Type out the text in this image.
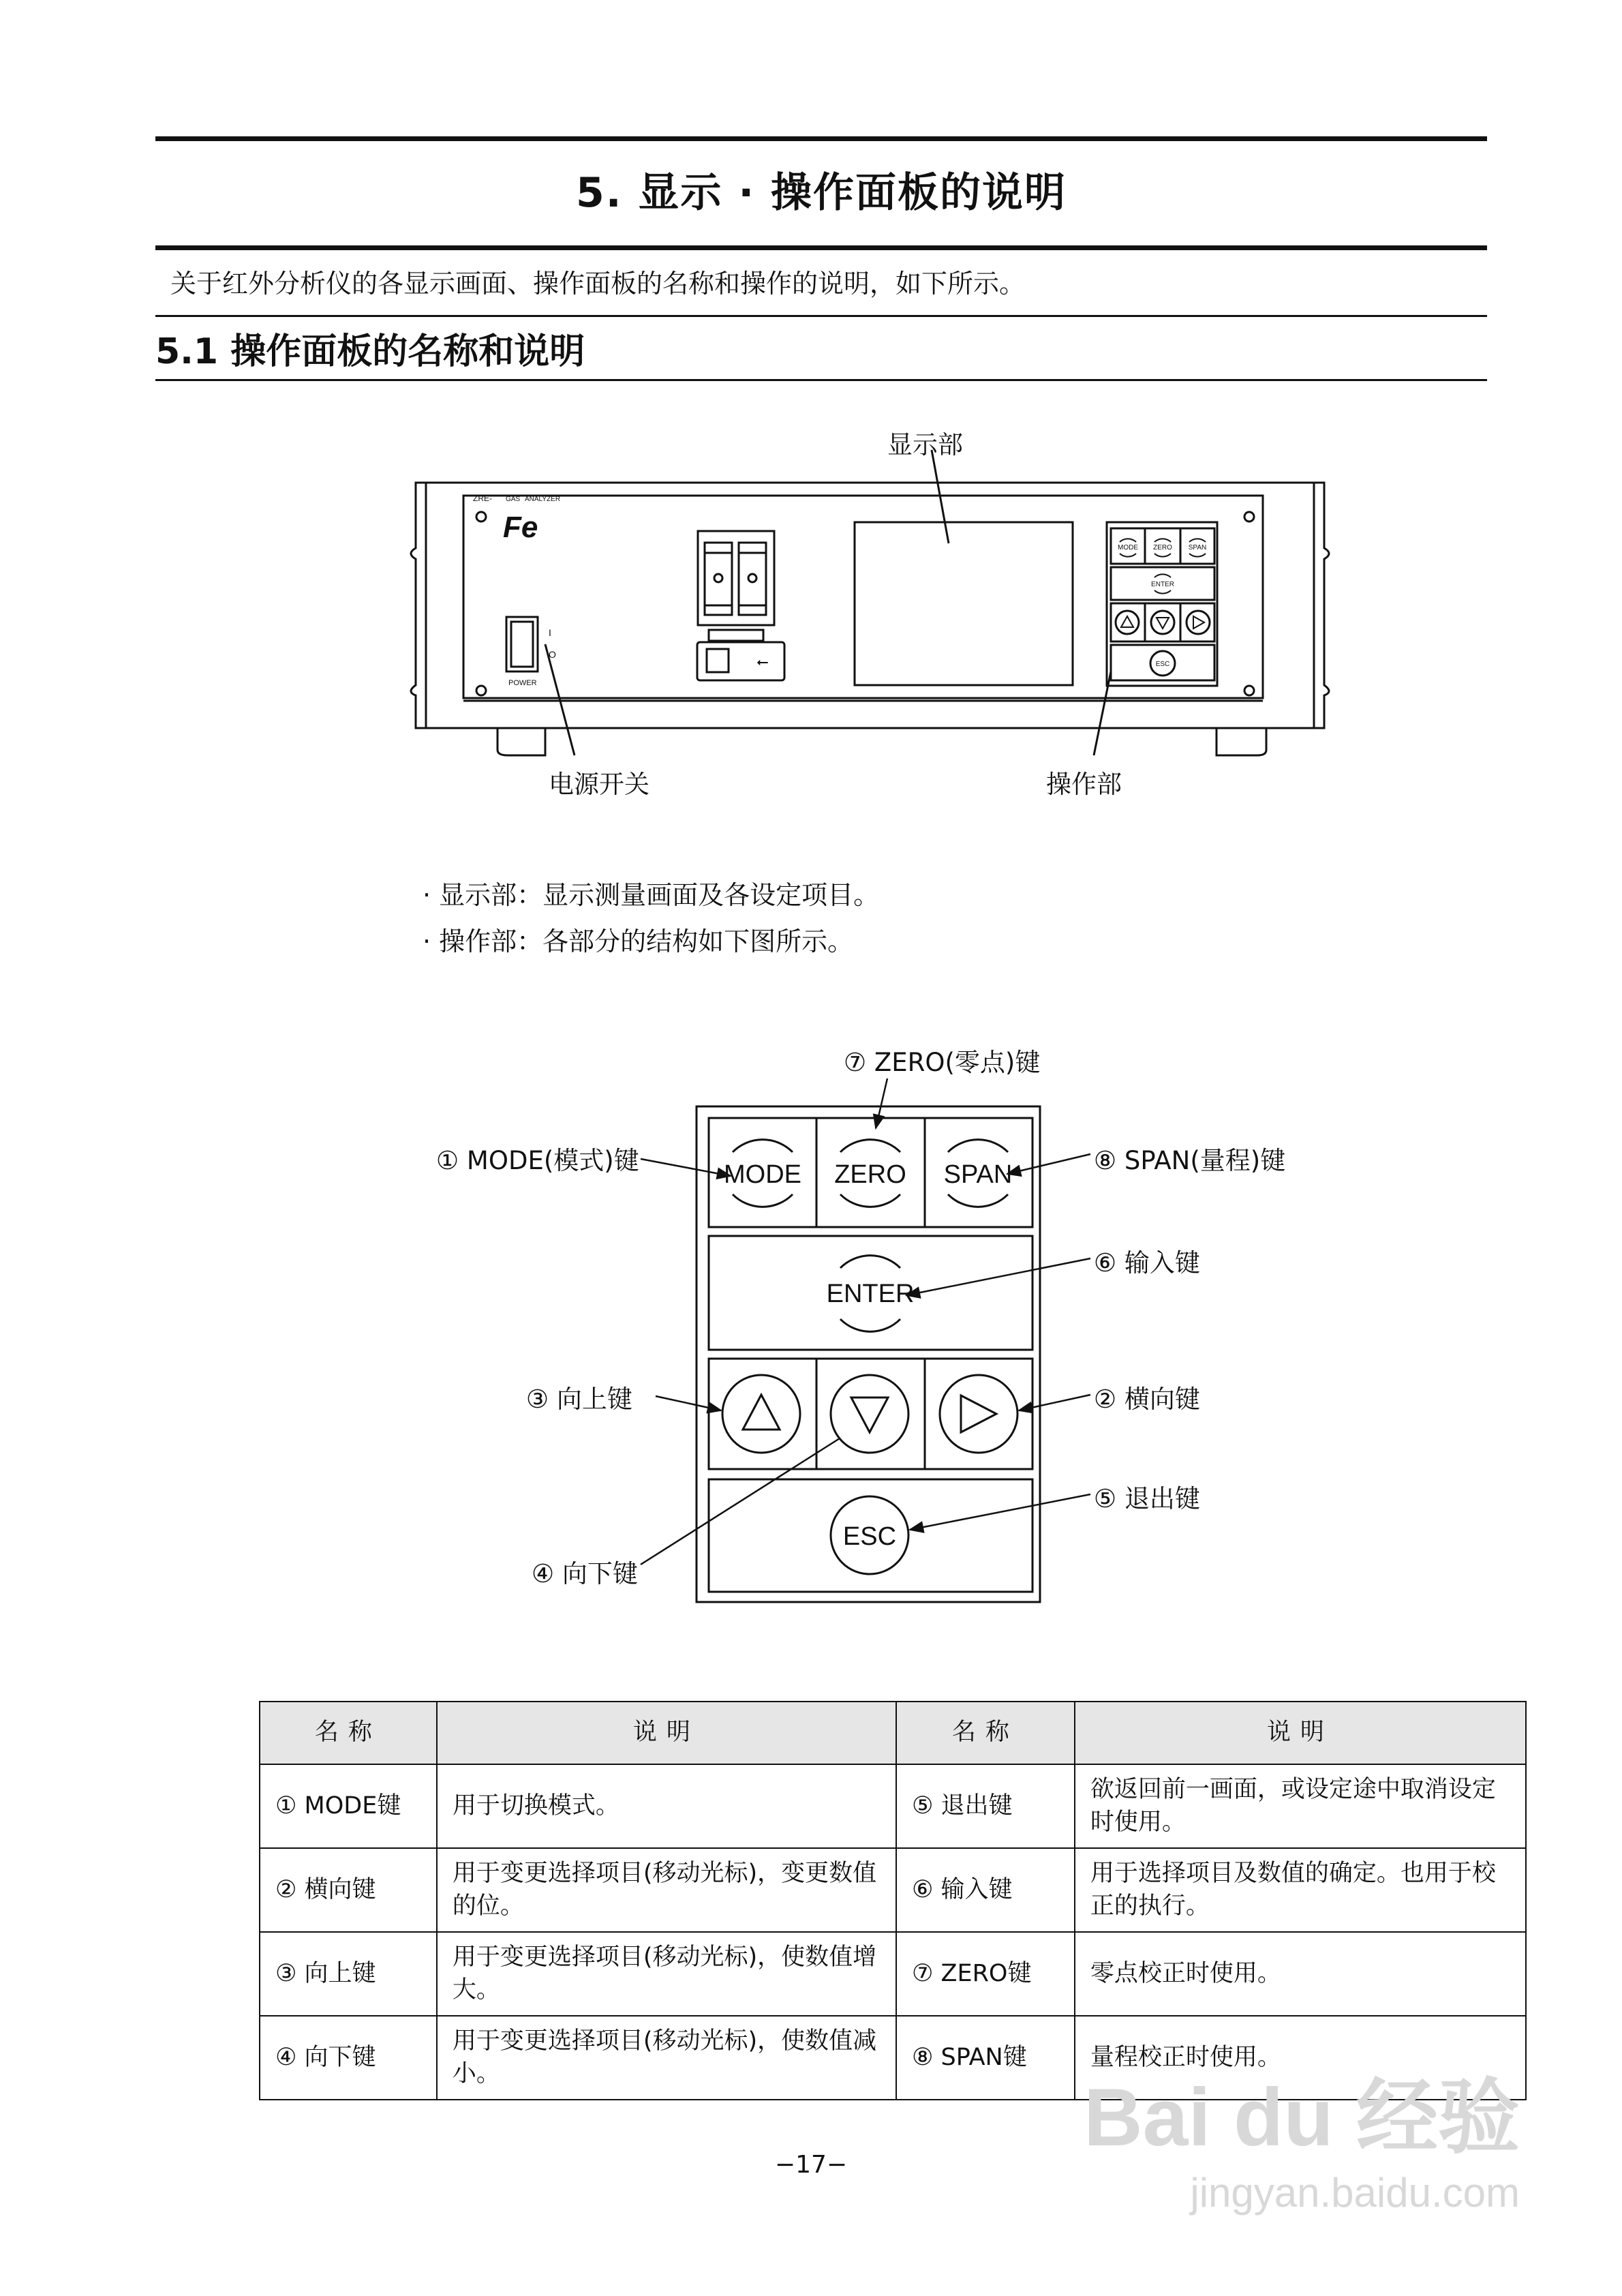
5. 显示 · 操作面板的说明
关于红外分析仪的各显示画面、操作面板的名称和操作的说明，如下所示。
5.1 操作面板的名称和说明
ZRE- GAS ANALYZER
Fe
POWER
I
O
MODE ZERO SPAN
ENTER
ESC
⭠
显示部
电源开关	操作部
· 显示部：显示测量画面及各设定项目。
· 操作部：各部分的结构如下图所示。
MODE ZERO SPAN
ENTER
ESC
⑦ ZERO(零点)键
① MODE(模式)键	⑧ SPAN(量程)键
⑥ 输入键
③ 向上键	② 横向键
⑤ 退出键
④ 向下键
名称	说明	名称	说明
① MODE键	用于切换模式。	⑤ 退出键	欲返回前一画面，或设定途中取消设定时使用。
② 横向键	用于变更选择项目(移动光标)，变更数值的位。	⑥ 输入键	用于选择项目及数值的确定。也用于校正的执行。
③ 向上键	用于变更选择项目(移动光标)，使数值增大。	⑦ ZERO键	零点校正时使用。
④ 向下键	用于变更选择项目(移动光标)，使数值减小。	⑧ SPAN键	量程校正时使用。
−17−
Bai du 经验
jingyan.baidu.com
